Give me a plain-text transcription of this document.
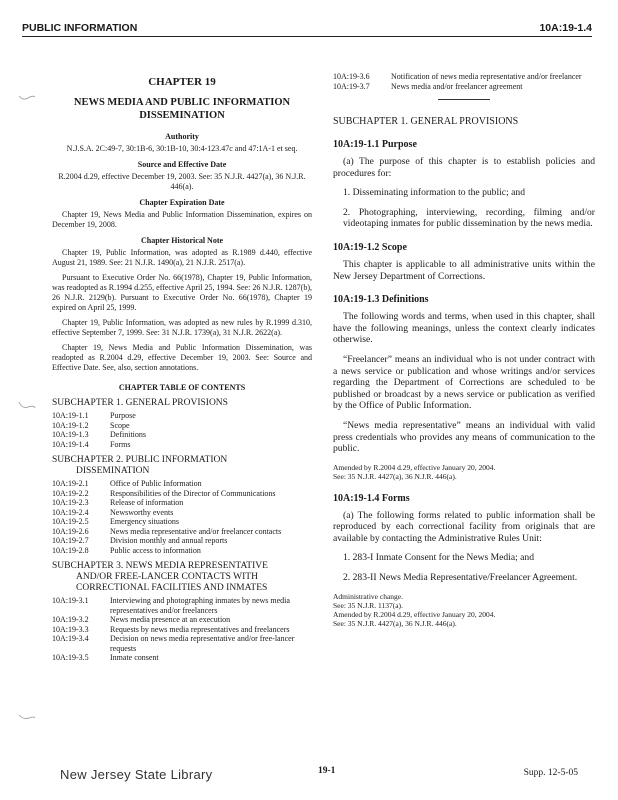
PUBLIC INFORMATION	10A:19-1.4
CHAPTER 19
NEWS MEDIA AND PUBLIC INFORMATION DISSEMINATION
Authority
N.J.S.A. 2C:49-7, 30:1B-6, 30:1B-10, 30:4-123.47c and 47:1A-1 et seq.
Source and Effective Date
R.2004 d.29, effective December 19, 2003. See: 35 N.J.R. 4427(a), 36 N.J.R. 446(a).
Chapter Expiration Date

Chapter 19, News Media and Public Information Dissemination, expires on December 19, 2008.

Chapter Historical Note

Chapter 19, Public Information, was adopted as R.1989 d.440, effective August 21, 1989. See: 21 N.J.R. 1490(a), 21 N.J.R. 2517(a).

Pursuant to Executive Order No. 66(1978), Chapter 19, Public Information, was readopted as R.1994 d.255, effective April 25, 1994. See: 26 N.J.R. 1287(b), 26 N.J.R. 2129(b). Pursuant to Executive Order No. 66(1978), Chapter 19 expired on April 25, 1999.

Chapter 19, Public Information, was adopted as new rules by R.1999 d.310, effective September 7, 1999. See: 31 N.J.R. 1739(a), 31 N.J.R. 2622(a).

Chapter 19, News Media and Public Information Dissemination, was readopted as R.2004 d.29, effective December 19, 2003. See: Source and Effective Date. See, also, section annotations.

CHAPTER TABLE OF CONTENTS
SUBCHAPTER 1. GENERAL PROVISIONS
10A:19-1.1	Purpose
10A:19-1.2	Scope
10A:19-1.3	Definitions
10A:19-1.4	Forms
SUBCHAPTER 2. PUBLIC INFORMATION
DISSEMINATION
10A:19-2.1	Office of Public Information
10A:19-2.2	Responsibilities of the Director of Communications
10A:19-2.3	Release of information
10A:19-2.4	Newsworthy events
10A:19-2.5	Emergency situations
10A:19-2.6	News media representative and/or freelancer contacts
10A:19-2.7	Division monthly and annual reports
10A:19-2.8	Public access to information
SUBCHAPTER 3. NEWS MEDIA REPRESENTATIVE
AND/OR FREE-LANCER CONTACTS WITH CORRECTIONAL FACILITIES AND INMATES
10A:19-3.1	Interviewing and photographing inmates by news media representatives and/or freelancers
10A:19-3.2	News media presence at an execution
10A:19-3.3	Requests by news media representatives and freelancers
10A:19-3.4	Decision on news media representative and/or free-lancer requests
10A:19-3.5	Inmate consent
10A:19-3.6	Notification of news media representative and/or freelancer
10A:19-3.7	News media and/or freelancer agreement
SUBCHAPTER 1. GENERAL PROVISIONS
10A:19-1.1 Purpose

(a) The purpose of this chapter is to establish policies and procedures for:

1. Disseminating information to the public; and

2. Photographing, interviewing, recording, filming and/or videotaping inmates for public dissemination by the news media.

10A:19-1.2 Scope

This chapter is applicable to all administrative units within the New Jersey Department of Corrections.

10A:19-1.3 Definitions

The following words and terms, when used in this chapter, shall have the following meanings, unless the context clearly indicates otherwise.

“Freelancer” means an individual who is not under contract with a news service or publication and whose writings and/or services regarding the Department of Corrections are scheduled to be published or broadcast by a news service or publication as verified by the Office of Public Information.

“News media representative” means an individual with valid press credentials who provides any means of communication to the public.

Amended by R.2004 d.29, effective January 20, 2004.
See: 35 N.J.R. 4427(a), 36 N.J.R. 446(a).
10A:19-1.4 Forms

(a) The following forms related to public information shall be reproduced by each correctional facility from originals that are available by contacting the Administrative Rules Unit:

1. 283-I Inmate Consent for the News Media; and

2. 283-II News Media Representative/Freelancer Agreement.

Administrative change.
See: 35 N.J.R. 1137(a).
Amended by R.2004 d.29, effective January 20, 2004.
See: 35 N.J.R. 4427(a), 36 N.J.R. 446(a).
New Jersey State Library	19-1	Supp. 12-5-05
